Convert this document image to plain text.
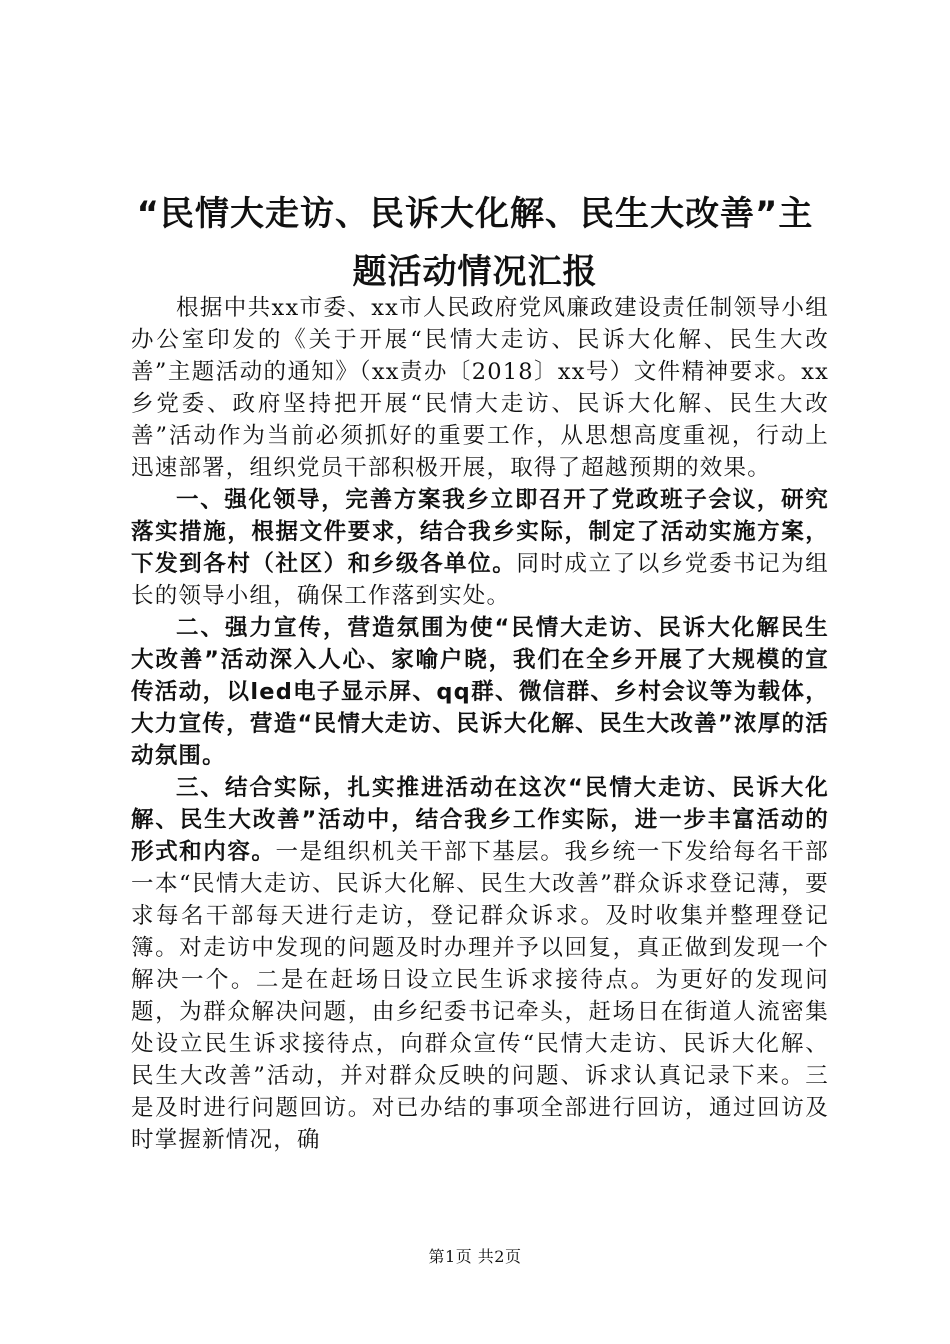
“民情大走访、民诉大化解、民生大改善”主
题活动情况汇报

根据中共xx市委、xx市人民政府党风廉政建设责任制领导小组办公室印发的《关于开展“民情大走访、民诉大化解、民生大改善”主题活动的通知》（xx责办〔2018〕xx号）文件精神要求。xx乡党委、政府坚持把开展“民情大走访、民诉大化解、民生大改善”活动作为当前必须抓好的重要工作，从思想高度重视，行动上迅速部署，组织党员干部积极开展，取得了超越预期的效果。

一、强化领导，完善方案我乡立即召开了党政班子会议，研究落实措施，根据文件要求，结合我乡实际，制定了活动实施方案，下发到各村（社区）和乡级各单位。同时成立了以乡党委书记为组长的领导小组，确保工作落到实处。

二、强力宣传，营造氛围为使“民情大走访、民诉大化解民生大改善”活动深入人心、家喻户晓，我们在全乡开展了大规模的宣传活动，以led电子显示屏、qq群、微信群、乡村会议等为载体，大力宣传，营造“民情大走访、民诉大化解、民生大改善”浓厚的活动氛围。

三、结合实际，扎实推进活动在这次“民情大走访、民诉大化解、民生大改善”活动中，结合我乡工作实际，进一步丰富活动的形式和内容。一是组织机关干部下基层。我乡统一下发给每名干部一本“民情大走访、民诉大化解、民生大改善”群众诉求登记薄，要求每名干部每天进行走访，登记群众诉求。及时收集并整理登记簿。对走访中发现的问题及时办理并予以回复，真正做到发现一个解决一个。二是在赶场日设立民生诉求接待点。为更好的发现问题，为群众解决问题，由乡纪委书记牵头，赶场日在街道人流密集处设立民生诉求接待点，向群众宣传“民情大走访、民诉大化解、民生大改善”活动，并对群众反映的问题、诉求认真记录下来。三是及时进行问题回访。对已办结的事项全部进行回访，通过回访及时掌握新情况，确

第1页 共2页
